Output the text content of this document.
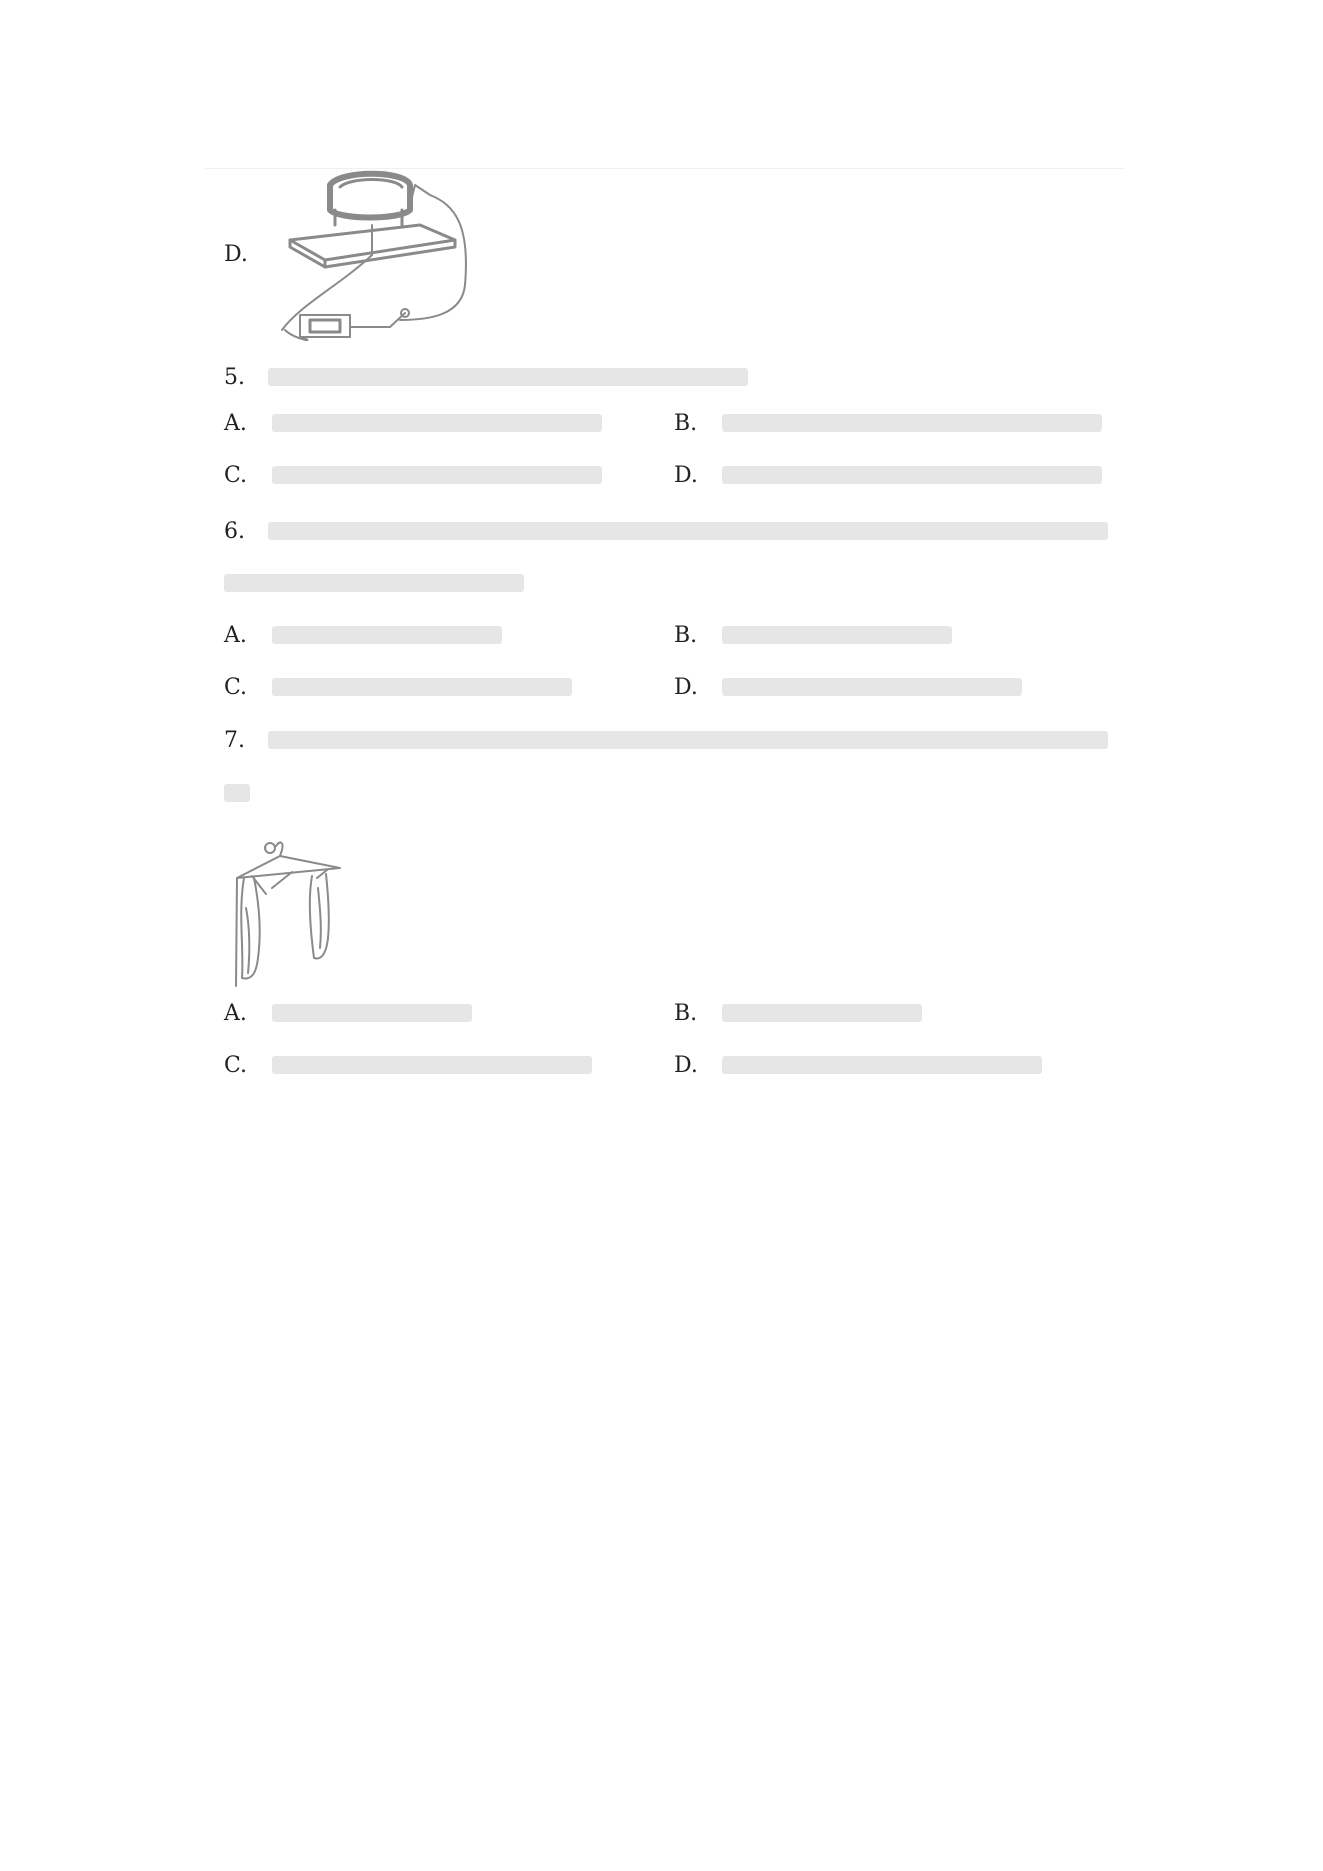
D.
5.
A.	B.
C.	D.
6.
A.	B.
C.	D.
7.
A.	B.
C.	D.
